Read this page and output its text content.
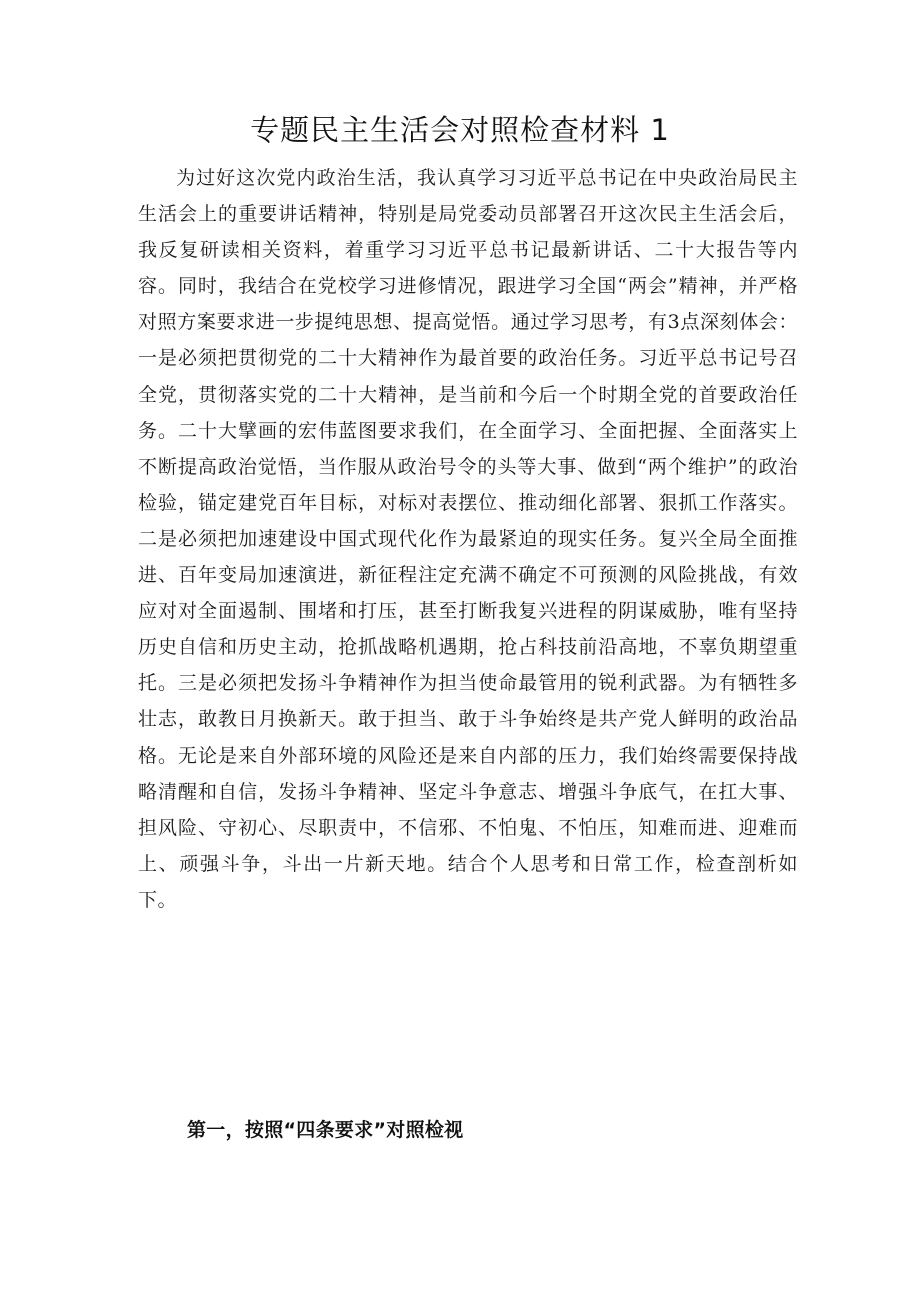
专题民主生活会对照检查材料 1

为过好这次党内政治生活，我认真学习习近平总书记在中央政治局民主生活会上的重要讲话精神，特别是局党委动员部署召开这次民主生活会后，我反复研读相关资料，着重学习习近平总书记最新讲话、二十大报告等内容。同时，我结合在党校学习进修情况，跟进学习全国“两会”精神，并严格对照方案要求进一步提纯思想、提高觉悟。通过学习思考，有3点深刻体会：一是必须把贯彻党的二十大精神作为最首要的政治任务。习近平总书记号召全党，贯彻落实党的二十大精神，是当前和今后一个时期全党的首要政治任务。二十大擘画的宏伟蓝图要求我们，在全面学习、全面把握、全面落实上不断提高政治觉悟，当作服从政治号令的头等大事、做到“两个维护”的政治检验，锚定建党百年目标，对标对表摆位、推动细化部署、狠抓工作落实。二是必须把加速建设中国式现代化作为最紧迫的现实任务。复兴全局全面推进、百年变局加速演进，新征程注定充满不确定不可预测的风险挑战，有效应对对全面遏制、围堵和打压，甚至打断我复兴进程的阴谋威胁，唯有坚持历史自信和历史主动，抢抓战略机遇期，抢占科技前沿高地，不辜负期望重托。三是必须把发扬斗争精神作为担当使命最管用的锐利武器。为有牺牲多壮志，敢教日月换新天。敢于担当、敢于斗争始终是共产党人鲜明的政治品格。无论是来自外部环境的风险还是来自内部的压力，我们始终需要保持战略清醒和自信，发扬斗争精神、坚定斗争意志、增强斗争底气，在扛大事、担风险、守初心、尽职责中，不信邪、不怕鬼、不怕压，知难而进、迎难而上、顽强斗争，斗出一片新天地。结合个人思考和日常工作，检查剖析如下。

第一，按照“四条要求”对照检视
